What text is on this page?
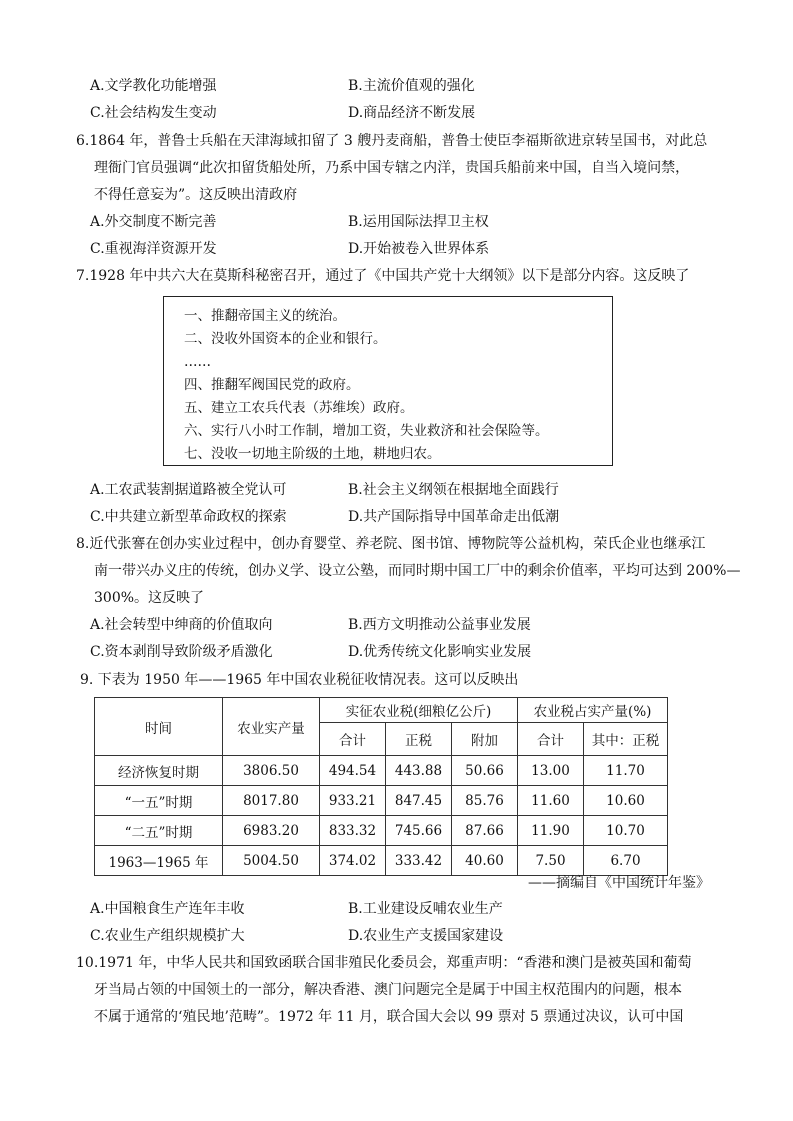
A.文学教化功能增强	B.主流价值观的强化
C.社会结构发生变动	D.商品经济不断发展
6.1864 年，普鲁士兵船在天津海域扣留了 3 艘丹麦商船，普鲁士使臣李福斯欲进京转呈国书，对此总
理衙门官员强调“此次扣留货船处所，乃系中国专辖之内洋，贵国兵船前来中国，自当入境问禁，
不得任意妄为”。这反映出清政府
A.外交制度不断完善	B.运用国际法捍卫主权
C.重视海洋资源开发	D.开始被卷入世界体系
7.1928 年中共六大在莫斯科秘密召开，通过了《中国共产党十大纲领》以下是部分内容。这反映了
一、推翻帝国主义的统治。
二、没收外国资本的企业和银行。
……
四、推翻军阀国民党的政府。
五、建立工农兵代表（苏维埃）政府。
六、实行八小时工作制，增加工资，失业救济和社会保险等。
七、没收一切地主阶级的土地，耕地归农。
A.工农武装割据道路被全党认可	B.社会主义纲领在根据地全面践行
C.中共建立新型革命政权的探索	D.共产国际指导中国革命走出低潮
8.近代张謇在创办实业过程中，创办育婴堂、养老院、图书馆、博物院等公益机构，荣氏企业也继承江
南一带兴办义庄的传统，创办义学、设立公塾，而同时期中国工厂中的剩余价值率，平均可达到 200%—
300%。这反映了
A.社会转型中绅商的价值取向	B.西方文明推动公益事业发展
C.资本剥削导致阶级矛盾激化	D.优秀传统文化影响实业发展
9. 下表为 1950 年——1965 年中国农业税征收情况表。这可以反映出
时间	农业实产量	实征农业税(细粮亿公斤)			农业税占实产量(%)	
		合计	正税	附加	合计	其中：正税
经济恢复时期	3806.50	494.54	443.88	50.66	13.00	11.70
“一五”时期	8017.80	933.21	847.45	85.76	11.60	10.60
“二五”时期	6983.20	833.32	745.66	87.66	11.90	10.70
1963—1965 年	5004.50	374.02	333.42	40.60	7.50	6.70
——摘编自《中国统计年鉴》
A.中国粮食生产连年丰收	B.工业建设反哺农业生产
C.农业生产组织规模扩大	D.农业生产支援国家建设
10.1971 年，中华人民共和国致函联合国非殖民化委员会，郑重声明：“香港和澳门是被英国和葡萄
牙当局占领的中国领土的一部分，解决香港、澳门问题完全是属于中国主权范围内的问题，根本
不属于通常的‘殖民地’范畴”。1972 年 11 月，联合国大会以 99 票对 5 票通过决议，认可中国
